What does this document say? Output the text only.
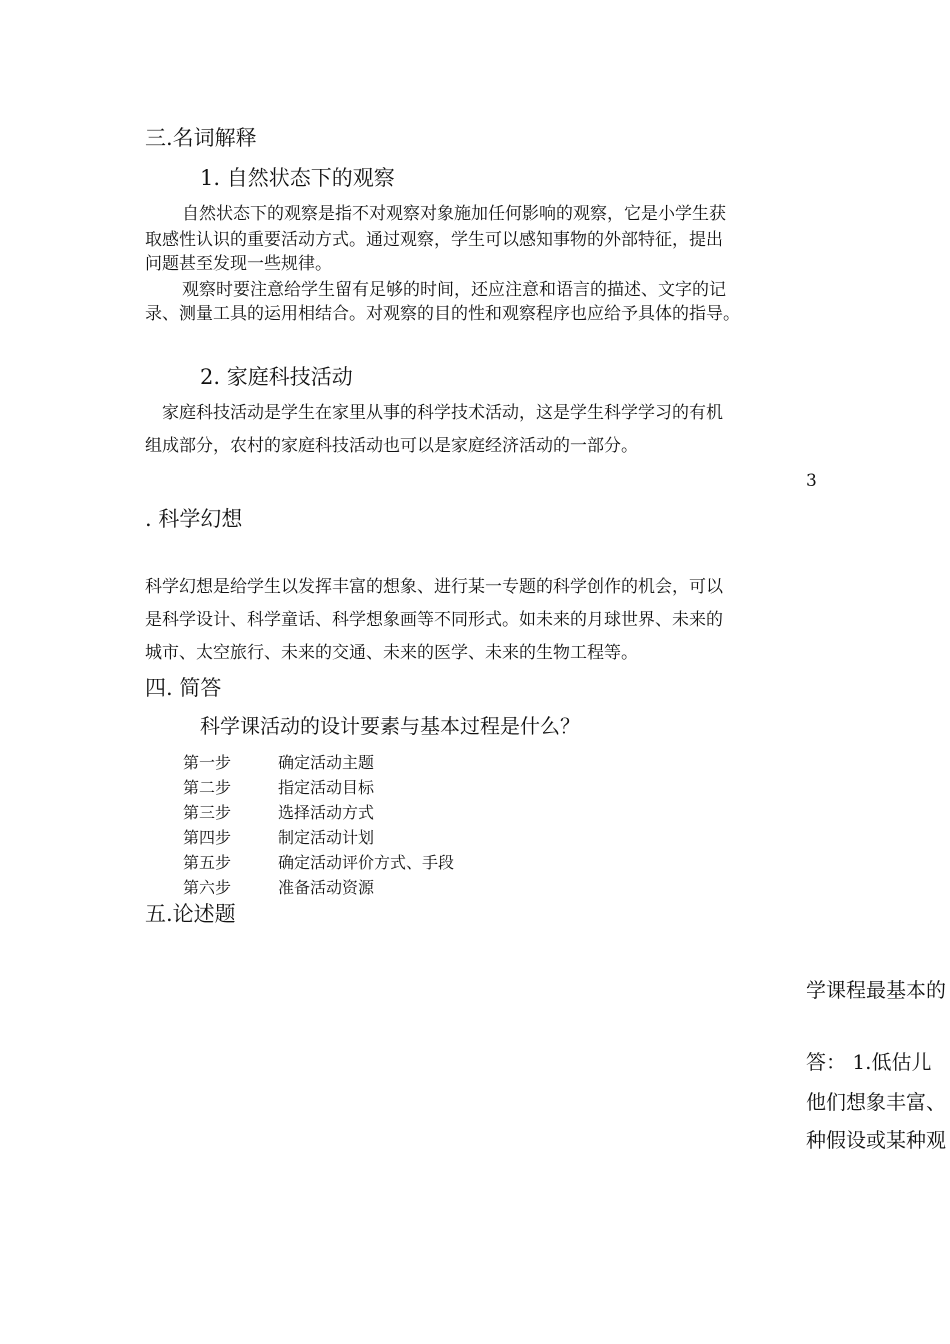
三.名词解释
1. 自然状态下的观察
自然状态下的观察是指不对观察对象施加任何影响的观察，它是小学生获
取感性认识的重要活动方式。通过观察，学生可以感知事物的外部特征，提出
问题甚至发现一些规律。
观察时要注意给学生留有足够的时间，还应注意和语言的描述、文字的记
录、测量工具的运用相结合。对观察的目的性和观察程序也应给予具体的指导。
2. 家庭科技活动
家庭科技活动是学生在家里从事的科学技术活动，这是学生科学学习的有机
组成部分，农村的家庭科技活动也可以是家庭经济活动的一部分。
3
. 科学幻想
科学幻想是给学生以发挥丰富的想象、进行某一专题的科学创作的机会，可以
是科学设计、科学童话、科学想象画等不同形式。如未来的月球世界、未来的
城市、太空旅行、未来的交通、未来的医学、未来的生物工程等。
四. 简答
科学课活动的设计要素与基本过程是什么？
第一步	确定活动主题
第二步	指定活动目标
第三步	选择活动方式
第四步	制定活动计划
第五步	确定活动评价方式、手段
第六步	准备活动资源
五.论述题
学课程最基本的
答： 1.低估儿
他们想象丰富、
种假设或某种观
